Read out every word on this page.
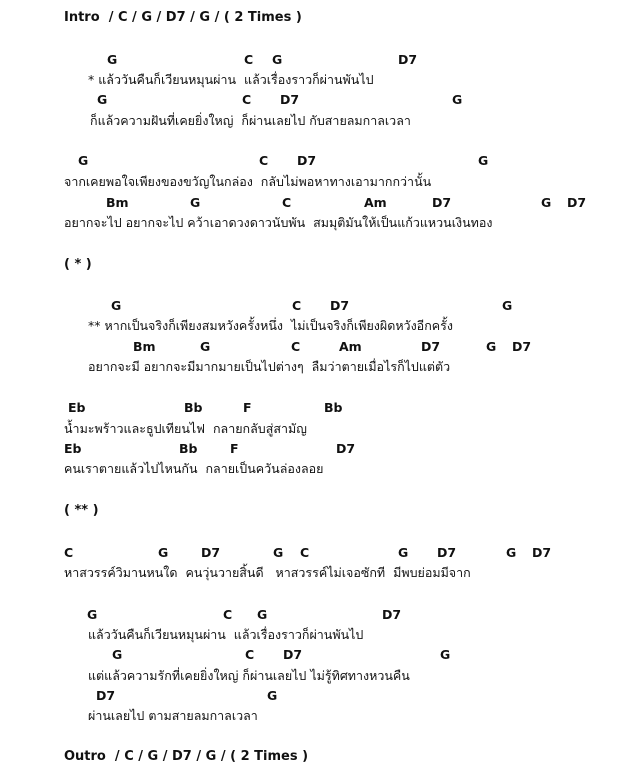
Intro  / C / G / D7 / G / ( 2 Times )
G	C G	D7
* แล้ววันคืนก็เวียนหมุนผ่าน  แล้วเรื่องราวก็ผ่านพันไป
G	C D7	G
ก็แล้วความฝันที่เคยยิ่งใหญ่  ก็ผ่านเลยไป กับสายลมกาลเวลา
G	C D7	G
จากเคยพอใจเพียงของขวัญในกล่อง  กลับไม่พอหาทางเอามากกว่านั้น
Bm	G	C	Am	D7	G D7
อยากจะไป อยากจะไป คว้าเอาดวงดาวนับพัน  สมมุติมันให้เป็นแก้วแหวนเงินทอง
( * )
G	C D7	G
** หากเป็นจริงก็เพียงสมหวังครั้งหนึ่ง  ไม่เป็นจริงก็เพียงผิดหวังอีกครั้ง
Bm	G	C	Am	D7	G D7
อยากจะมี อยากจะมีมากมายเป็นไปต่างๆ  ลืมว่าตายเมื่อไรก็ไปแต่ตัว
Eb	Bb	F	Bb
น้ำมะพร้าวและธูปเทียนไฟ  กลายกลับสู่สามัญ
Eb	Bb	F	D7
คนเราตายแล้วไปไหนกัน  กลายเป็นควันล่องลอย
( ** )
C	G	D7	G C	G D7	G D7
หาสวรรค์วิมานหนใด  คนวุ่นวายสิ้นดี   หาสวรรค์ไม่เจอซักที  มีพบย่อมมีจาก
G	C G	D7
แล้ววันคืนก็เวียนหมุนผ่าน  แล้วเรื่องราวก็ผ่านพันไป
G	C D7	G
แต่แล้วความรักที่เคยยิ่งใหญ่ ก็ผ่านเลยไป ไม่รู้ทิศทางหวนคืน
D7	G
ผ่านเลยไป ตามสายลมกาลเวลา
Outro  / C / G / D7 / G / ( 2 Times )
